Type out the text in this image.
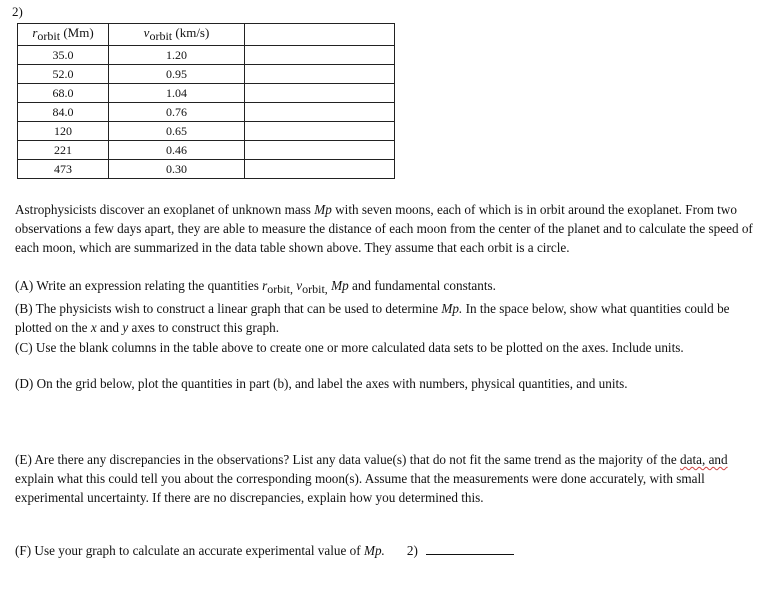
2)
$r_{orbit}$ (Mm)	$v_{orbit}$ (km/s)	
35.0	1.20	
52.0	0.95	
68.0	1.04	
84.0	0.76	
120	0.65	
221	0.46	
473	0.30	
Astrophysicists discover an exoplanet of unknown mass Mp with seven moons, each of which is in orbit around the exoplanet. From two observations a few days apart, they are able to measure the distance of each moon from the center of the planet and to calculate the speed of each moon, which are summarized in the data table shown above. They assume that each orbit is a circle.
(A) Write an expression relating the quantities $r_{orbit,}$ $v_{orbit,}$ Mp and fundamental constants.
(B) The physicists wish to construct a linear graph that can be used to determine Mp. In the space below, show what quantities could be plotted on the x and y axes to construct this graph.
(C) Use the blank columns in the table above to create one or more calculated data sets to be plotted on the axes. Include units.
(D) On the grid below, plot the quantities in part (b), and label the axes with numbers, physical quantities, and units.
(E) Are there any discrepancies in the observations? List any data value(s) that do not fit the same trend as the majority of the data, and explain what this could tell you about the corresponding moon(s). Assume that the measurements were done accurately, with small experimental uncertainty. If there are no discrepancies, explain how you determined this.
(F) Use your graph to calculate an accurate experimental value of Mp. 2)
